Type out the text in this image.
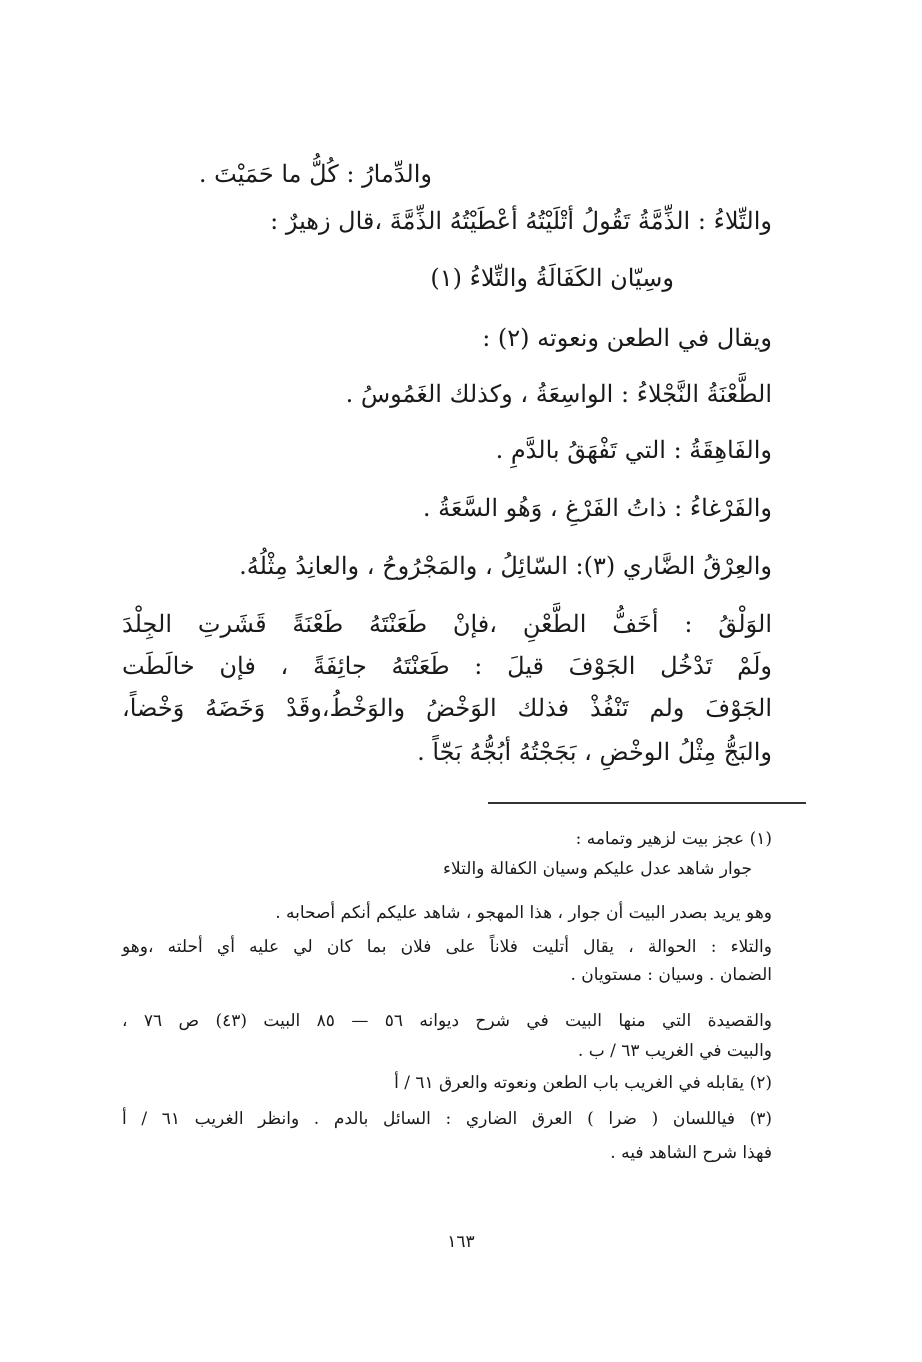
والدِّمارُ : كُلُّ ما حَمَيْتَ .
والتِّلاءُ : الذِّمَّةُ تَقُولُ أتْلَيْتُهُ أعْطَيْتُهُ الذِّمَّةَ ،قال زهيرٌ :
وسِيّان الكَفَالَةُ والتِّلاءُ (١)
ويقال في الطعن ونعوته (٢) :
الطَّعْنَةُ النَّجْلاءُ : الواسِعَةُ ، وكذلك الغَمُوسُ .
والفَاهِقَةُ : التي تَفْهَقُ بالدَّمِ .
والفَرْغاءُ : ذاتُ الفَرْغِ ، وَهُو السَّعَةُ .
والعِرْقُ الضَّاري (٣): السّائِلُ ، والمَجْرُوحُ ، والعانِدُ مِثْلُهُ.
الوَلْقُ : أخَفُّ الطَّعْنِ ،فإنْ طَعَنْتَهُ طَعْنَةً قَشَرتِ الجِلْدَ
ولَمْ تَدْخُل الجَوْفَ قيلَ : طَعَنْتَهُ جائِفَةً ، فإن خالَطَت
الجَوْفَ ولم تَنْفُذْ فذلك الوَخْضُ والوَخْطُ،وقَدْ وَخَضَهُ وَخْضاً،
والبَجُّ مِثْلُ الوخْضِ ، بَجَجْتُهُ أبُجُّهُ بَجّاً .
(١) عجز بيت لزهير وتمامه :
جوار شاهد عدل عليكم وسيان الكفالة والتلاء
وهو يريد بصدر البيت أن جوار ، هذا المهجو ، شاهد عليكم أنكم أصحابه .
والتلاء : الحوالة ، يقال أتليت فلاناً على فلان بما كان لي عليه أي أحلته ،وهو
الضمان . وسيان : مستويان .
والقصيدة التي منها البيت في شرح ديوانه ٥٦ — ٨٥ البيت (٤٣) ص ٧٦ ،
والبيت في الغريب ٦٣ / ب .
(٢) يقابله في الغريب باب الطعن ونعوته والعرق ٦١ / أ
(٣) فياللسان ( ضرا ) العرق الضاري : السائل بالدم . وانظر الغريب ٦١ / أ
فهذا شرح الشاهد فيه .
١٦٣
